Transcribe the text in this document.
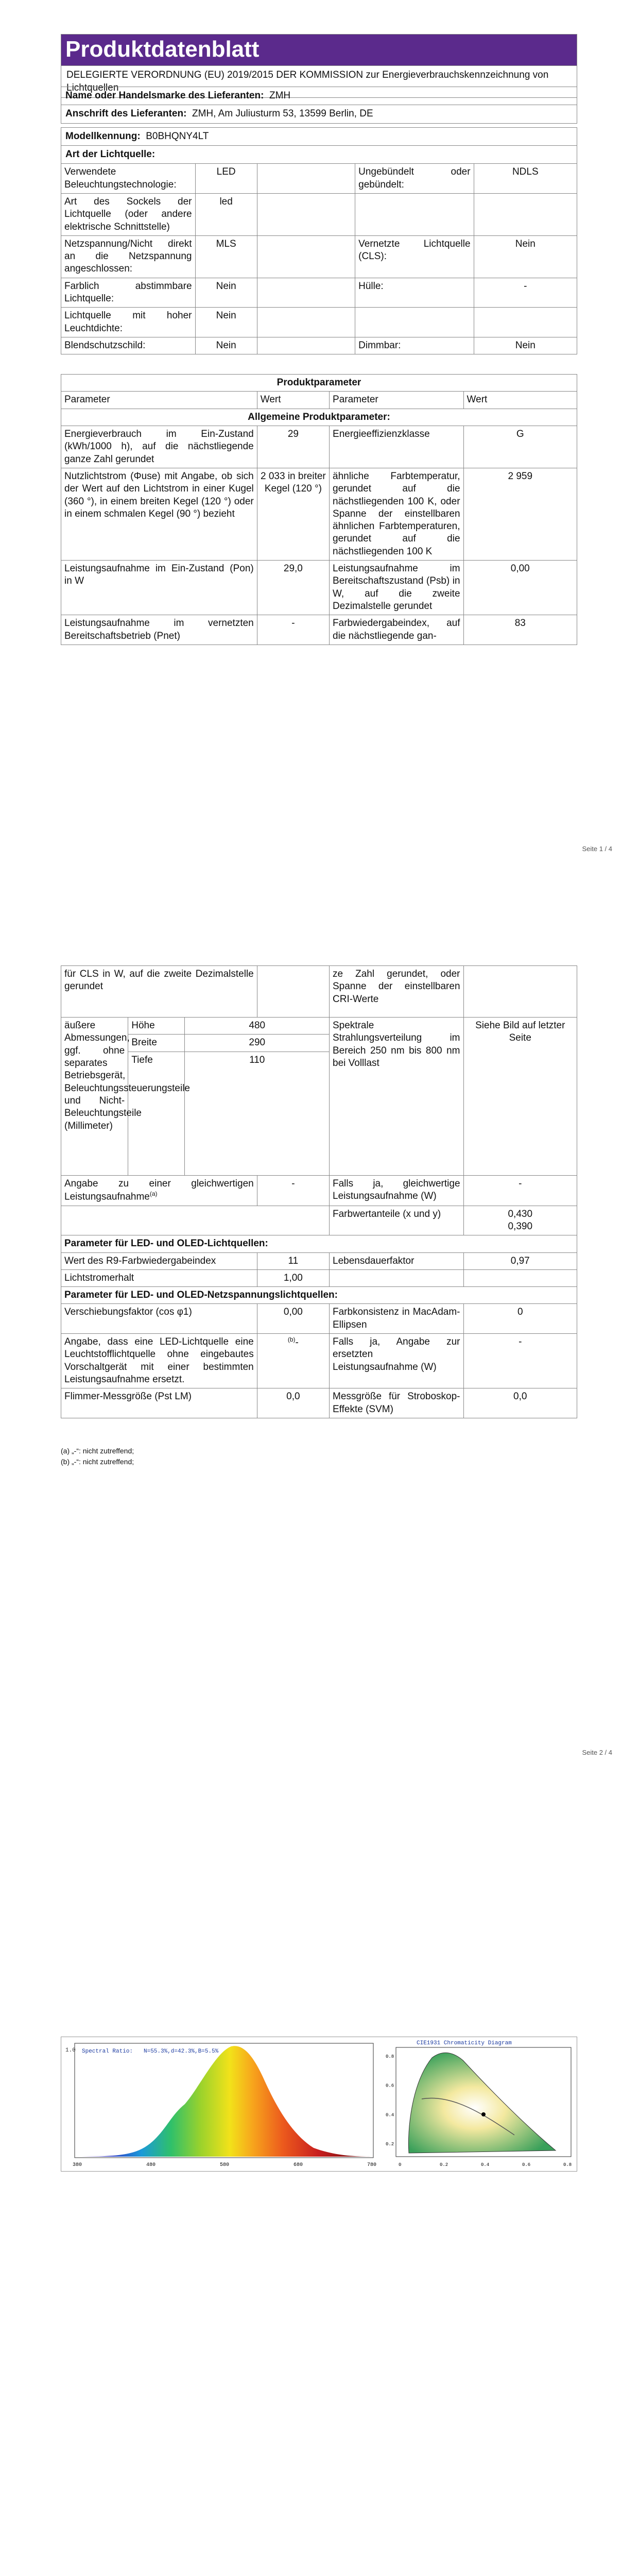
Produktdatenblatt
DELEGIERTE VERORDNUNG (EU) 2019/2015 DER KOMMISSION zur Energieverbrauchskennzeichnung von Lichtquellen
Name oder Handelsmarke des Lieferanten: ZMH				
Anschrift des Lieferanten: ZMH, Am Juliusturm 53, 13599 Berlin, DE				

Modellkennung: B0BHQNY4LT				
Art der Lichtquelle:				
Verwendete Beleuchtungstechnologie:	LED		Ungebündelt oder gebündelt:	NDLS
Art des Sockels der Lichtquelle (oder andere elektrische Schnittstelle)	led			
Netzspannung/Nicht direkt an die Netzspannung angeschlossen:	MLS		Vernetzte Lichtquelle (CLS):	Nein
Farblich abstimmbare Lichtquelle:	Nein		Hülle:	-
Lichtquelle mit hoher Leuchtdichte:	Nein			
Blendschutzschild:	Nein		Dimmbar:	Nein
Produktparameter			
Parameter	Wert	Parameter	Wert
Allgemeine Produktparameter:			
Energieverbrauch im Ein-Zustand (kWh/1000 h), auf die nächstliegende ganze Zahl gerundet	29	Energieeffizienzklasse	G
Nutzlichtstrom (Φuse) mit Angabe, ob sich der Wert auf den Lichtstrom in einer Kugel (360 °), in einem breiten Kegel (120 °) oder in einem schmalen Kegel (90 °) bezieht	2 033 in breiter Kegel (120 °)	ähnliche Farbtemperatur, gerundet auf die nächstliegenden 100 K, oder Spanne der einstellbaren ähnlichen Farbtemperaturen, gerundet auf die nächstliegenden 100 K	2 959
Leistungsaufnahme im Ein-Zustand (Pon) in W	29,0	Leistungsaufnahme im Bereitschaftszustand (Psb) in W, auf die zweite Dezimalstelle gerundet	0,00
Leistungsaufnahme im vernetzten Bereitschaftsbetrieb (Pnet)	-	Farbwiedergabeindex, auf die nächstliegende gan-	83
Seite 1 / 4
für CLS in W, auf die zweite Dezimalstelle gerundet				ze Zahl gerundet, oder Spanne der einstellbaren CRI-Werte	
äußere Abmessungen, ggf. ohne separates Betriebsgerät, Beleuchtungssteuerungsteile und Nicht-Beleuchtungsteile (Millimeter)	Höhe	480		Spektrale Strahlungsverteilung im Bereich 250 nm bis 800 nm bei Volllast	Siehe Bild auf letzter Seite
	Breite	290			
	Tiefe	110			
Angabe zu einer gleichwertigen Leistungsaufnahme$^{(a)}$			-	Falls ja, gleichwertige Leistungsaufnahme (W)	-
				Farbwertanteile (x und y)	0,430
0,390
Parameter für LED- und OLED-Lichtquellen:					
Wert des R9-Farbwiedergabeindex			11	Lebensdauerfaktor	0,97
Lichtstromerhalt			1,00		
Parameter für LED- und OLED-Netzspannungslichtquellen:					
Verschiebungsfaktor (cos φ1)			0,00	Farbkonsistenz in MacAdam-Ellipsen	0
Angabe, dass eine LED-Lichtquelle eine Leuchtstofflichtquelle ohne eingebautes Vorschaltgerät mit einer bestimmten Leistungsaufnahme ersetzt.			$^{(b)}$-	Falls ja, Angabe zur ersetzten Leistungsaufnahme (W)	-
Flimmer-Messgröße (Pst LM)			0,0	Messgröße für Stroboskop-Effekte (SVM)	0,0
(a) „-“: nicht zutreffend;
(b) „-“: nicht zutreffend;
Seite 2 / 4
1.0 Spectral Ratio: N=55.3%,d=42.3%,B=5.5%
380	480	580	680	780
CIE1931 Chromaticity Diagram
0.8
0.6
0.4
0.2
0	0.2	0.4	0.6	0.8
